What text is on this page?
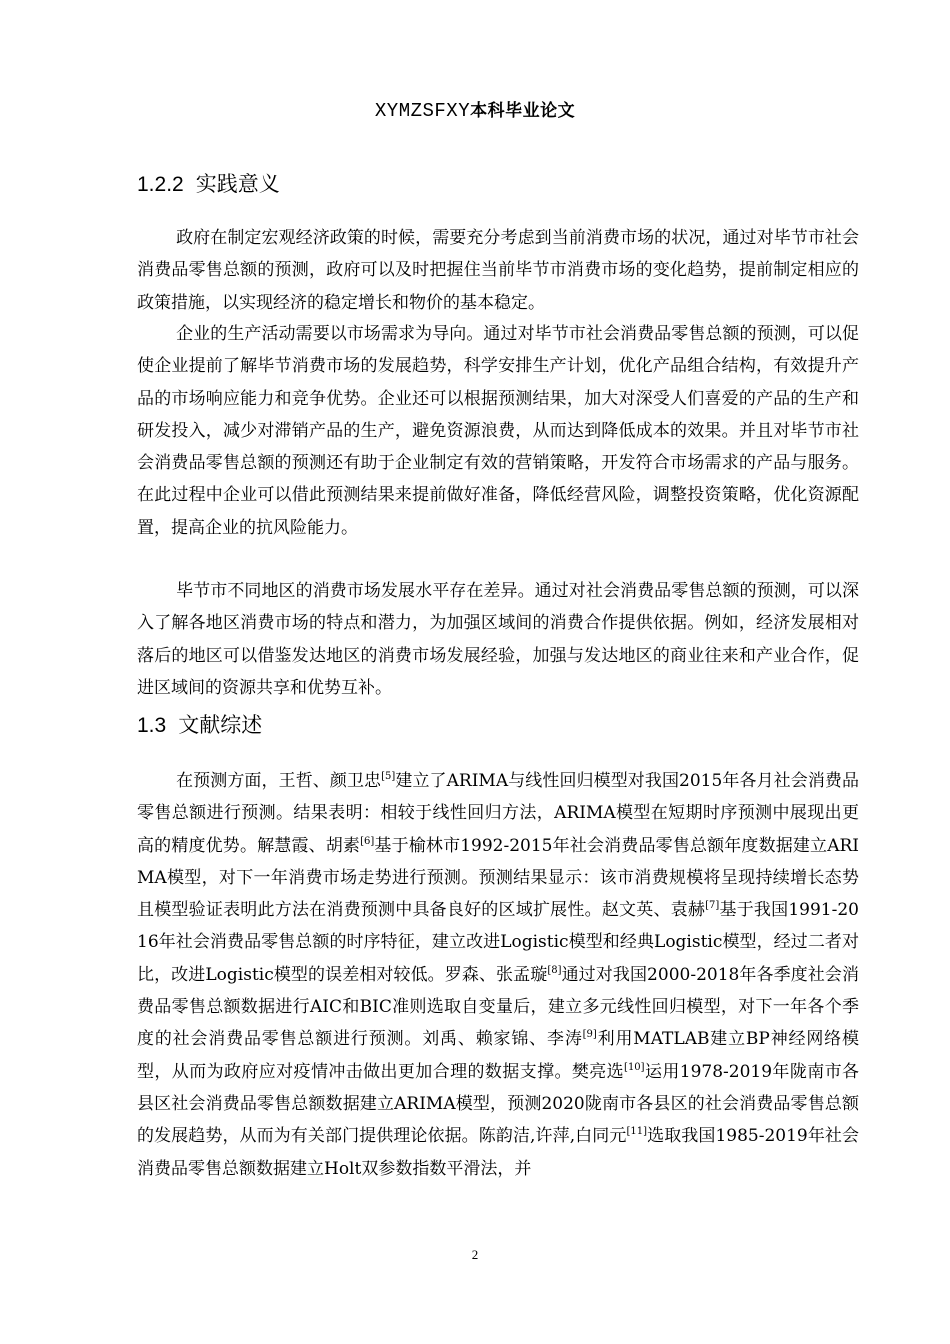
XYMZSFXY本科毕业论文
1.2.2 实践意义

政府在制定宏观经济政策的时候，需要充分考虑到当前消费市场的状况，通过对毕节市社会消费品零售总额的预测，政府可以及时把握住当前毕节市消费市场的变化趋势，提前制定相应的政策措施，以实现经济的稳定增长和物价的基本稳定。

企业的生产活动需要以市场需求为导向。通过对毕节市社会消费品零售总额的预测，可以促使企业提前了解毕节消费市场的发展趋势，科学安排生产计划，优化产品组合结构，有效提升产品的市场响应能力和竞争优势。企业还可以根据预测结果，加大对深受人们喜爱的产品的生产和研发投入，减少对滞销产品的生产，避免资源浪费，从而达到降低成本的效果。并且对毕节市社会消费品零售总额的预测还有助于企业制定有效的营销策略，开发符合市场需求的产品与服务。在此过程中企业可以借此预测结果来提前做好准备，降低经营风险，调整投资策略，优化资源配置，提高企业的抗风险能力。

毕节市不同地区的消费市场发展水平存在差异。通过对社会消费品零售总额的预测，可以深入了解各地区消费市场的特点和潜力，为加强区域间的消费合作提供依据。例如，经济发展相对落后的地区可以借鉴发达地区的消费市场发展经验，加强与发达地区的商业往来和产业合作，促进区域间的资源共享和优势互补。

1.3 文献综述

在预测方面，王哲、颜卫忠[5]建立了ARIMA与线性回归模型对我国2015年各月社会消费品零售总额进行预测。结果表明：相较于线性回归方法，ARIMA模型在短期时序预测中展现出更高的精度优势。解慧霞、胡素[6]基于榆林市1992-2015年社会消费品零售总额年度数据建立ARIMA模型，对下一年消费市场走势进行预测。预测结果显示：该市消费规模将呈现持续增长态势且模型验证表明此方法在消费预测中具备良好的区域扩展性。赵文英、袁赫[7]基于我国1991-2016年社会消费品零售总额的时序特征，建立改进Logistic模型和经典Logistic模型，经过二者对比，改进Logistic模型的误差相对较低。罗森、张孟璇[8]通过对我国2000-2018年各季度社会消费品零售总额数据进行AIC和BIC准则选取自变量后，建立多元线性回归模型，对下一年各个季度的社会消费品零售总额进行预测。刘禹、赖家锦、李涛[9]利用MATLAB建立BP神经网络模型，从而为政府应对疫情冲击做出更加合理的数据支撑。樊亮选[10]运用1978-2019年陇南市各县区社会消费品零售总额数据建立ARIMA模型，预测2020陇南市各县区的社会消费品零售总额的发展趋势，从而为有关部门提供理论依据。陈韵洁,许萍,白同元[11]选取我国1985-2019年社会消费品零售总额数据建立Holt双参数指数平滑法，并

2
